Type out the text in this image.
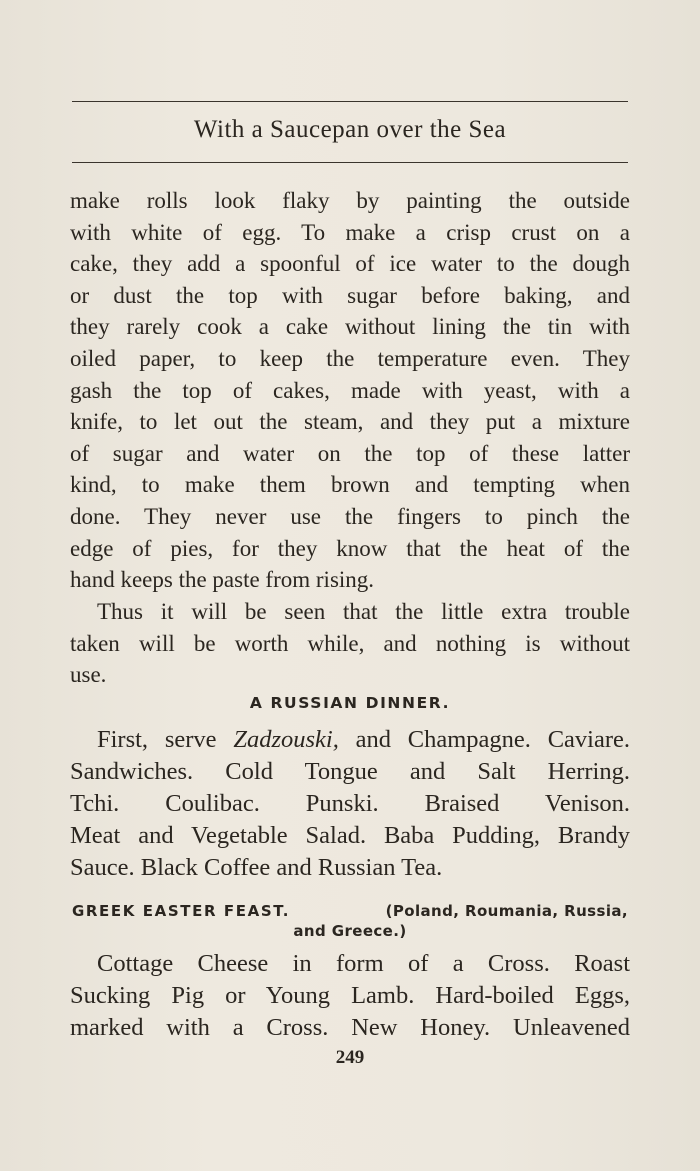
With a Saucepan over the Sea
make rolls look flaky by painting the outside
with white of egg. To make a crisp crust on a
cake, they add a spoonful of ice water to the dough
or dust the top with sugar before baking, and
they rarely cook a cake without lining the tin with
oiled paper, to keep the temperature even. They
gash the top of cakes, made with yeast, with a
knife, to let out the steam, and they put a mixture
of sugar and water on the top of these latter
kind, to make them brown and tempting when
done. They never use the fingers to pinch the
edge of pies, for they know that the heat of the
hand keeps the paste from rising.
Thus it will be seen that the little extra trouble
taken will be worth while, and nothing is without
use.
A RUSSIAN DINNER.
First, serve Zadzouski, and Champagne. Caviare.
Sandwiches. Cold Tongue and Salt Herring.
Tchi. Coulibac. Punski. Braised Venison.
Meat and Vegetable Salad. Baba Pudding, Brandy
Sauce. Black Coffee and Russian Tea.
GREEK EASTER FEAST.	(Poland, Roumania, Russia,
and Greece.)
Cottage Cheese in form of a Cross. Roast
Sucking Pig or Young Lamb. Hard-boiled Eggs,
marked with a Cross. New Honey. Unleavened
249
